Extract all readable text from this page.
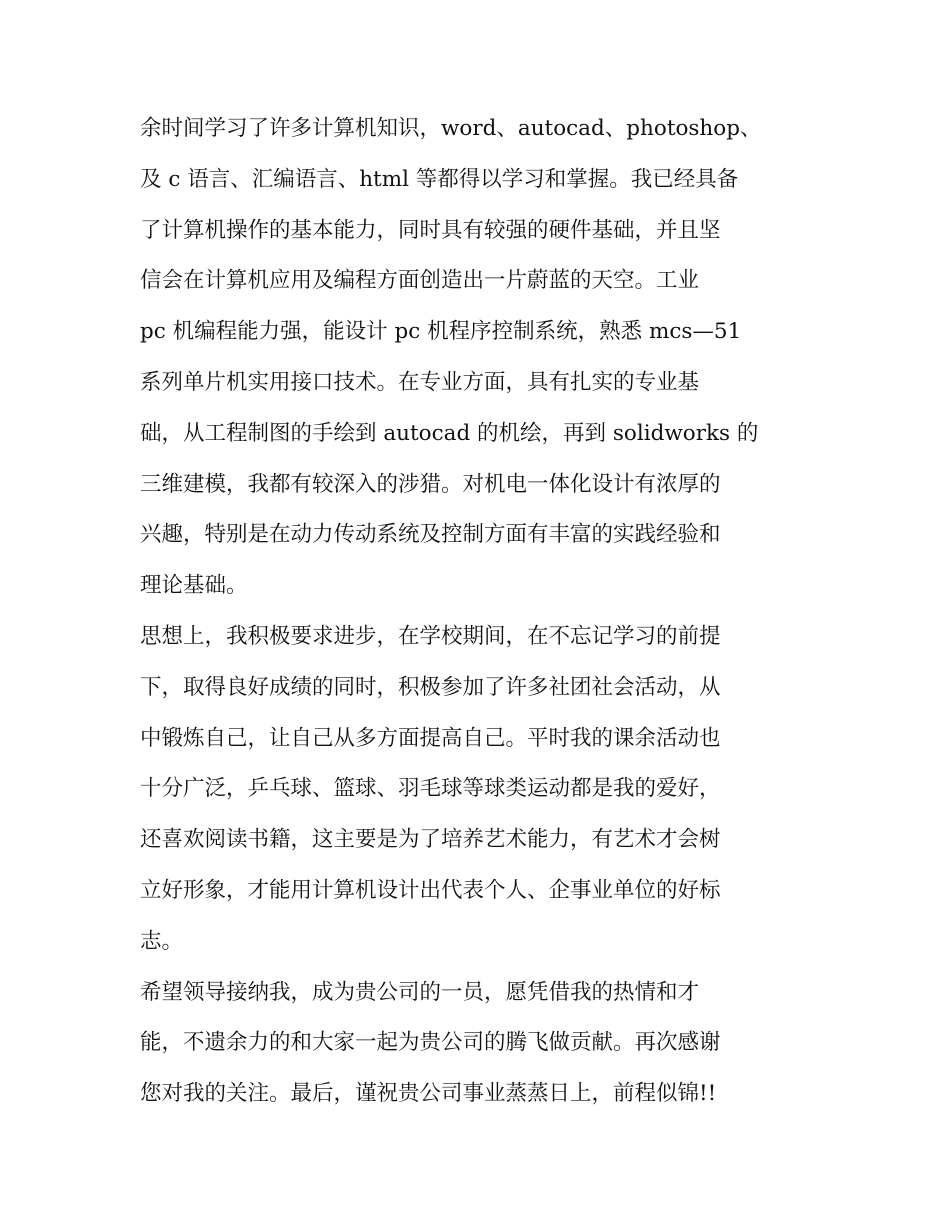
余时间学习了许多计算机知识，word、autocad、photoshop、
及 c 语言、汇编语言、html 等都得以学习和掌握。我已经具备
了计算机操作的基本能力，同时具有较强的硬件基础，并且坚
信会在计算机应用及编程方面创造出一片蔚蓝的天空。工业
pc 机编程能力强，能设计 pc 机程序控制系统，熟悉 mcs—51
系列单片机实用接口技术。在专业方面，具有扎实的专业基
础，从工程制图的手绘到 autocad 的机绘，再到 solidworks 的
三维建模，我都有较深入的涉猎。对机电一体化设计有浓厚的
兴趣，特别是在动力传动系统及控制方面有丰富的实践经验和
理论基础。
思想上，我积极要求进步，在学校期间，在不忘记学习的前提
下，取得良好成绩的同时，积极参加了许多社团社会活动，从
中锻炼自己，让自己从多方面提高自己。平时我的课余活动也
十分广泛，乒乓球、篮球、羽毛球等球类运动都是我的爱好，
还喜欢阅读书籍，这主要是为了培养艺术能力，有艺术才会树
立好形象，才能用计算机设计出代表个人、企事业单位的好标
志。
希望领导接纳我，成为贵公司的一员，愿凭借我的热情和才
能，不遗余力的和大家一起为贵公司的腾飞做贡献。再次感谢
您对我的关注。最后，谨祝贵公司事业蒸蒸日上，前程似锦!!
